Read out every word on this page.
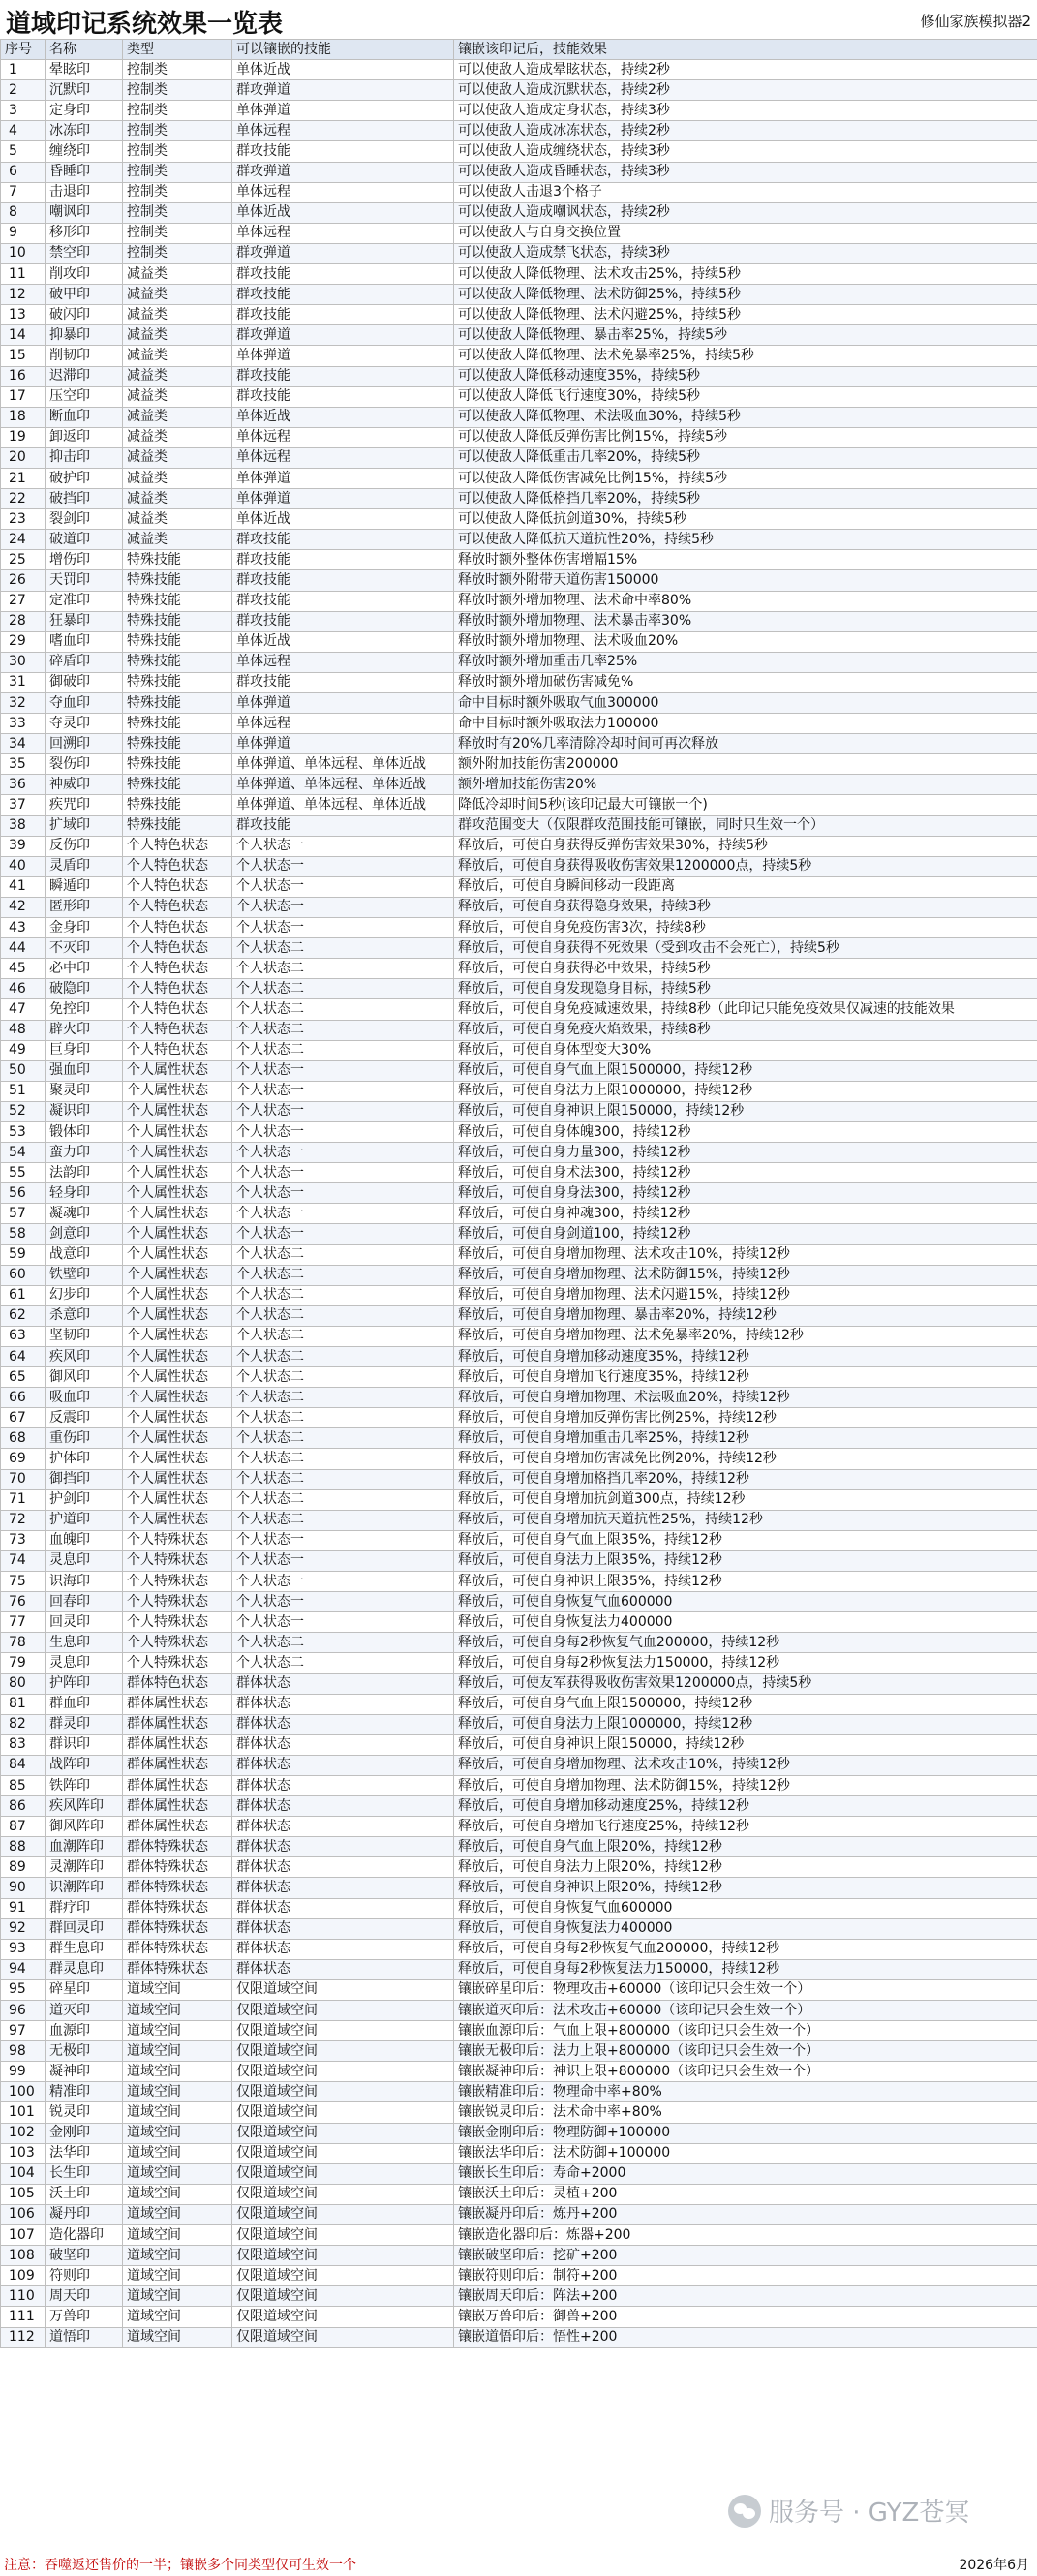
道域印记系统效果一览表	修仙家族模拟器2
序号	名称	类型	可以镶嵌的技能	镶嵌该印记后，技能效果
1	晕眩印	控制类	单体近战	可以使敌人造成晕眩状态，持续2秒
2	沉默印	控制类	群攻弹道	可以使敌人造成沉默状态，持续2秒
3	定身印	控制类	单体弹道	可以使敌人造成定身状态，持续3秒
4	冰冻印	控制类	单体远程	可以使敌人造成冰冻状态，持续2秒
5	缠绕印	控制类	群攻技能	可以使敌人造成缠绕状态，持续3秒
6	昏睡印	控制类	群攻弹道	可以使敌人造成昏睡状态，持续3秒
7	击退印	控制类	单体远程	可以使敌人击退3个格子
8	嘲讽印	控制类	单体近战	可以使敌人造成嘲讽状态，持续2秒
9	移形印	控制类	单体远程	可以使敌人与自身交换位置
10	禁空印	控制类	群攻弹道	可以使敌人造成禁飞状态，持续3秒
11	削攻印	减益类	群攻技能	可以使敌人降低物理、法术攻击25%，持续5秒
12	破甲印	减益类	群攻技能	可以使敌人降低物理、法术防御25%，持续5秒
13	破闪印	减益类	群攻技能	可以使敌人降低物理、法术闪避25%，持续5秒
14	抑暴印	减益类	群攻弹道	可以使敌人降低物理、暴击率25%，持续5秒
15	削韧印	减益类	单体弹道	可以使敌人降低物理、法术免暴率25%，持续5秒
16	迟滞印	减益类	群攻技能	可以使敌人降低移动速度35%，持续5秒
17	压空印	减益类	群攻技能	可以使敌人降低飞行速度30%，持续5秒
18	断血印	减益类	单体近战	可以使敌人降低物理、术法吸血30%，持续5秒
19	卸返印	减益类	单体远程	可以使敌人降低反弹伤害比例15%，持续5秒
20	抑击印	减益类	单体远程	可以使敌人降低重击几率20%，持续5秒
21	破护印	减益类	单体弹道	可以使敌人降低伤害减免比例15%，持续5秒
22	破挡印	减益类	单体弹道	可以使敌人降低格挡几率20%，持续5秒
23	裂剑印	减益类	单体近战	可以使敌人降低抗剑道30%，持续5秒
24	破道印	减益类	群攻技能	可以使敌人降低抗天道抗性20%，持续5秒
25	增伤印	特殊技能	群攻技能	释放时额外整体伤害增幅15%
26	天罚印	特殊技能	群攻技能	释放时额外附带天道伤害150000
27	定准印	特殊技能	群攻技能	释放时额外增加物理、法术命中率80%
28	狂暴印	特殊技能	群攻技能	释放时额外增加物理、法术暴击率30%
29	嗜血印	特殊技能	单体近战	释放时额外增加物理、法术吸血20%
30	碎盾印	特殊技能	单体远程	释放时额外增加重击几率25%
31	御破印	特殊技能	群攻技能	释放时额外增加破伤害减免%
32	夺血印	特殊技能	单体弹道	命中目标时额外吸取气血300000
33	夺灵印	特殊技能	单体远程	命中目标时额外吸取法力100000
34	回溯印	特殊技能	单体弹道	释放时有20%几率清除冷却时间可再次释放
35	裂伤印	特殊技能	单体弹道、单体远程、单体近战	额外附加技能伤害200000
36	神威印	特殊技能	单体弹道、单体远程、单体近战	额外增加技能伤害20%
37	疾咒印	特殊技能	单体弹道、单体远程、单体近战	降低冷却时间5秒(该印记最大可镶嵌一个)
38	扩域印	特殊技能	群攻技能	群攻范围变大（仅限群攻范围技能可镶嵌，同时只生效一个）
39	反伤印	个人特色状态	个人状态一	释放后，可使自身获得反弹伤害效果30%，持续5秒
40	灵盾印	个人特色状态	个人状态一	释放后，可使自身获得吸收伤害效果1200000点，持续5秒
41	瞬遁印	个人特色状态	个人状态一	释放后，可使自身瞬间移动一段距离
42	匿形印	个人特色状态	个人状态一	释放后，可使自身获得隐身效果，持续3秒
43	金身印	个人特色状态	个人状态一	释放后，可使自身免疫伤害3次，持续8秒
44	不灭印	个人特色状态	个人状态二	释放后，可使自身获得不死效果（受到攻击不会死亡），持续5秒
45	必中印	个人特色状态	个人状态二	释放后，可使自身获得必中效果，持续5秒
46	破隐印	个人特色状态	个人状态二	释放后，可使自身发现隐身目标，持续5秒
47	免控印	个人特色状态	个人状态二	释放后，可使自身免疫减速效果，持续8秒（此印记只能免疫效果仅减速的技能效果
48	辟火印	个人特色状态	个人状态二	释放后，可使自身免疫火焰效果，持续8秒
49	巨身印	个人特色状态	个人状态二	释放后，可使自身体型变大30%
50	强血印	个人属性状态	个人状态一	释放后，可使自身气血上限1500000，持续12秒
51	聚灵印	个人属性状态	个人状态一	释放后，可使自身法力上限1000000，持续12秒
52	凝识印	个人属性状态	个人状态一	释放后，可使自身神识上限150000，持续12秒
53	锻体印	个人属性状态	个人状态一	释放后，可使自身体魄300，持续12秒
54	蛮力印	个人属性状态	个人状态一	释放后，可使自身力量300，持续12秒
55	法韵印	个人属性状态	个人状态一	释放后，可使自身术法300，持续12秒
56	轻身印	个人属性状态	个人状态一	释放后，可使自身身法300，持续12秒
57	凝魂印	个人属性状态	个人状态一	释放后，可使自身神魂300，持续12秒
58	剑意印	个人属性状态	个人状态一	释放后，可使自身剑道100，持续12秒
59	战意印	个人属性状态	个人状态二	释放后，可使自身增加物理、法术攻击10%，持续12秒
60	铁壁印	个人属性状态	个人状态二	释放后，可使自身增加物理、法术防御15%，持续12秒
61	幻步印	个人属性状态	个人状态二	释放后，可使自身增加物理、法术闪避15%，持续12秒
62	杀意印	个人属性状态	个人状态二	释放后，可使自身增加物理、暴击率20%，持续12秒
63	坚韧印	个人属性状态	个人状态二	释放后，可使自身增加物理、法术免暴率20%，持续12秒
64	疾风印	个人属性状态	个人状态二	释放后，可使自身增加移动速度35%，持续12秒
65	御风印	个人属性状态	个人状态二	释放后，可使自身增加飞行速度35%，持续12秒
66	吸血印	个人属性状态	个人状态二	释放后，可使自身增加物理、术法吸血20%，持续12秒
67	反震印	个人属性状态	个人状态二	释放后，可使自身增加反弹伤害比例25%，持续12秒
68	重伤印	个人属性状态	个人状态二	释放后，可使自身增加重击几率25%，持续12秒
69	护体印	个人属性状态	个人状态二	释放后，可使自身增加伤害减免比例20%，持续12秒
70	御挡印	个人属性状态	个人状态二	释放后，可使自身增加格挡几率20%，持续12秒
71	护剑印	个人属性状态	个人状态二	释放后，可使自身增加抗剑道300点，持续12秒
72	护道印	个人属性状态	个人状态二	释放后，可使自身增加抗天道抗性25%，持续12秒
73	血魄印	个人特殊状态	个人状态一	释放后，可使自身气血上限35%，持续12秒
74	灵息印	个人特殊状态	个人状态一	释放后，可使自身法力上限35%，持续12秒
75	识海印	个人特殊状态	个人状态一	释放后，可使自身神识上限35%，持续12秒
76	回春印	个人特殊状态	个人状态一	释放后，可使自身恢复气血600000
77	回灵印	个人特殊状态	个人状态一	释放后，可使自身恢复法力400000
78	生息印	个人特殊状态	个人状态二	释放后，可使自身每2秒恢复气血200000，持续12秒
79	灵息印	个人特殊状态	个人状态二	释放后，可使自身每2秒恢复法力150000，持续12秒
80	护阵印	群体特色状态	群体状态	释放后，可使友军获得吸收伤害效果1200000点，持续5秒
81	群血印	群体属性状态	群体状态	释放后，可使自身气血上限1500000，持续12秒
82	群灵印	群体属性状态	群体状态	释放后，可使自身法力上限1000000，持续12秒
83	群识印	群体属性状态	群体状态	释放后，可使自身神识上限150000，持续12秒
84	战阵印	群体属性状态	群体状态	释放后，可使自身增加物理、法术攻击10%，持续12秒
85	铁阵印	群体属性状态	群体状态	释放后，可使自身增加物理、法术防御15%，持续12秒
86	疾风阵印	群体属性状态	群体状态	释放后，可使自身增加移动速度25%，持续12秒
87	御风阵印	群体属性状态	群体状态	释放后，可使自身增加飞行速度25%，持续12秒
88	血潮阵印	群体特殊状态	群体状态	释放后，可使自身气血上限20%，持续12秒
89	灵潮阵印	群体特殊状态	群体状态	释放后，可使自身法力上限20%，持续12秒
90	识潮阵印	群体特殊状态	群体状态	释放后，可使自身神识上限20%，持续12秒
91	群疗印	群体特殊状态	群体状态	释放后，可使自身恢复气血600000
92	群回灵印	群体特殊状态	群体状态	释放后，可使自身恢复法力400000
93	群生息印	群体特殊状态	群体状态	释放后，可使自身每2秒恢复气血200000，持续12秒
94	群灵息印	群体特殊状态	群体状态	释放后，可使自身每2秒恢复法力150000，持续12秒
95	碎星印	道域空间	仅限道域空间	镶嵌碎星印后：物理攻击+60000（该印记只会生效一个）
96	道灭印	道域空间	仅限道域空间	镶嵌道灭印后：法术攻击+60000（该印记只会生效一个）
97	血源印	道域空间	仅限道域空间	镶嵌血源印后：气血上限+800000（该印记只会生效一个）
98	无极印	道域空间	仅限道域空间	镶嵌无极印后：法力上限+800000（该印记只会生效一个）
99	凝神印	道域空间	仅限道域空间	镶嵌凝神印后：神识上限+800000（该印记只会生效一个）
100	精准印	道域空间	仅限道域空间	镶嵌精准印后：物理命中率+80%
101	锐灵印	道域空间	仅限道域空间	镶嵌锐灵印后：法术命中率+80%
102	金刚印	道域空间	仅限道域空间	镶嵌金刚印后：物理防御+100000
103	法华印	道域空间	仅限道域空间	镶嵌法华印后：法术防御+100000
104	长生印	道域空间	仅限道域空间	镶嵌长生印后：寿命+2000
105	沃土印	道域空间	仅限道域空间	镶嵌沃土印后：灵植+200
106	凝丹印	道域空间	仅限道域空间	镶嵌凝丹印后：炼丹+200
107	造化器印	道域空间	仅限道域空间	镶嵌造化器印后：炼器+200
108	破坚印	道域空间	仅限道域空间	镶嵌破坚印后：挖矿+200
109	符则印	道域空间	仅限道域空间	镶嵌符则印后：制符+200
110	周天印	道域空间	仅限道域空间	镶嵌周天印后：阵法+200
111	万兽印	道域空间	仅限道域空间	镶嵌万兽印后：御兽+200
112	道悟印	道域空间	仅限道域空间	镶嵌道悟印后：悟性+200
服务号 · GYZ苍冥
注意：吞噬返还售价的一半；镶嵌多个同类型仅可生效一个	2026年6月
